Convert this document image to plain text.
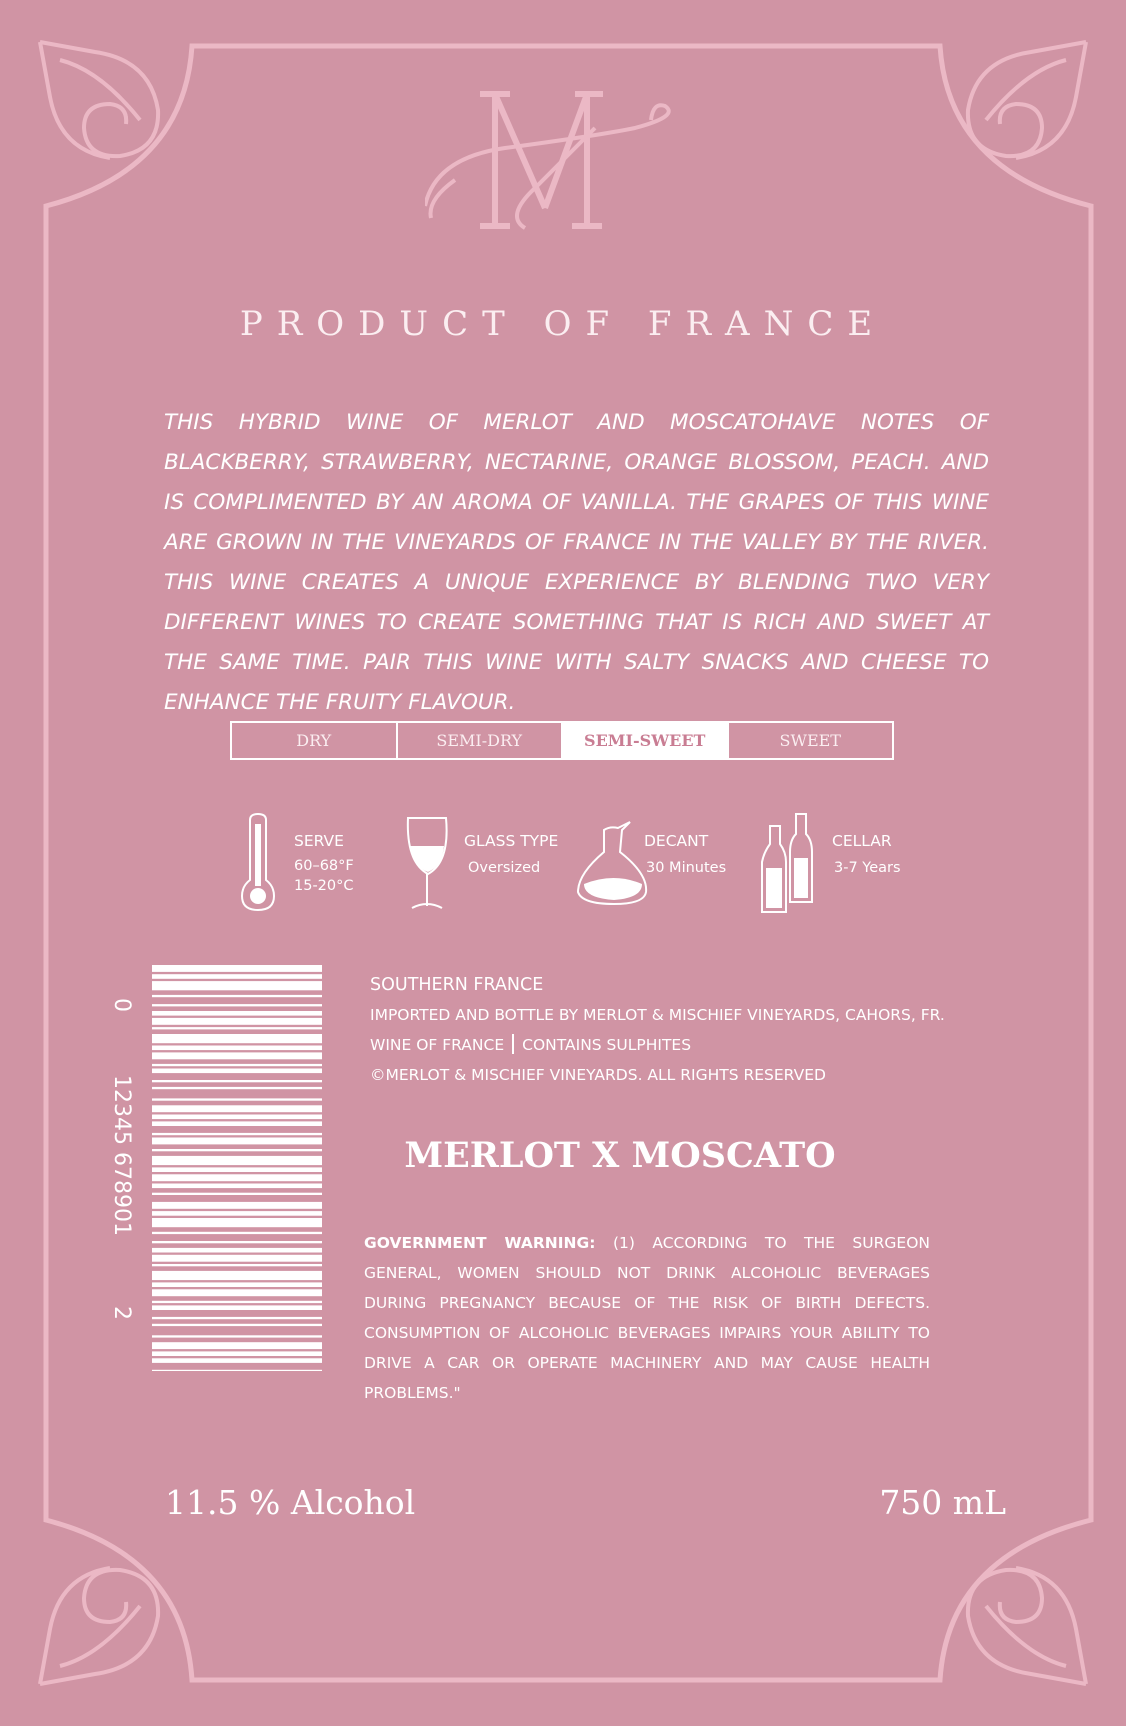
PRODUCT OF FRANCE

THIS HYBRID WINE OF MERLOT AND MOSCATOHAVE NOTES OF BLACKBERRY, STRAWBERRY, NECTARINE, ORANGE BLOSSOM, PEACH. AND IS COMPLIMENTED BY AN AROMA OF VANILLA. THE GRAPES OF THIS WINE ARE GROWN IN THE VINEYARDS OF FRANCE IN THE VALLEY BY THE RIVER. THIS WINE CREATES A UNIQUE EXPERIENCE BY BLENDING TWO VERY DIFFERENT WINES TO CREATE SOMETHING THAT IS RICH AND SWEET AT THE SAME TIME. PAIR THIS WINE WITH SALTY SNACKS AND CHEESE TO ENHANCE THE FRUITY FLAVOUR.

DRY	SEMI-DRY	SEMI-SWEET	SWEET
SERVE
60–68°F
15-20°C
GLASS TYPE
Oversized
DECANT
30 Minutes
CELLAR
3-7 Years
0
12345 678901
2
SOUTHERN FRANCE
IMPORTED AND BOTTLE BY MERLOT & MISCHIEF VINEYARDS, CAHORS, FR.
WINE OF FRANCE CONTAINS SULPHITES
©MERLOT & MISCHIEF VINEYARDS. ALL RIGHTS RESERVED
MERLOT X MOSCATO

GOVERNMENT WARNING: (1) ACCORDING TO THE SURGEON GENERAL, WOMEN SHOULD NOT DRINK ALCOHOLIC BEVERAGES DURING PREGNANCY BECAUSE OF THE RISK OF BIRTH DEFECTS. CONSUMPTION OF ALCOHOLIC BEVERAGES IMPAIRS YOUR ABILITY TO DRIVE A CAR OR OPERATE MACHINERY AND MAY CAUSE HEALTH PROBLEMS."

11.5 % Alcohol	750 mL
